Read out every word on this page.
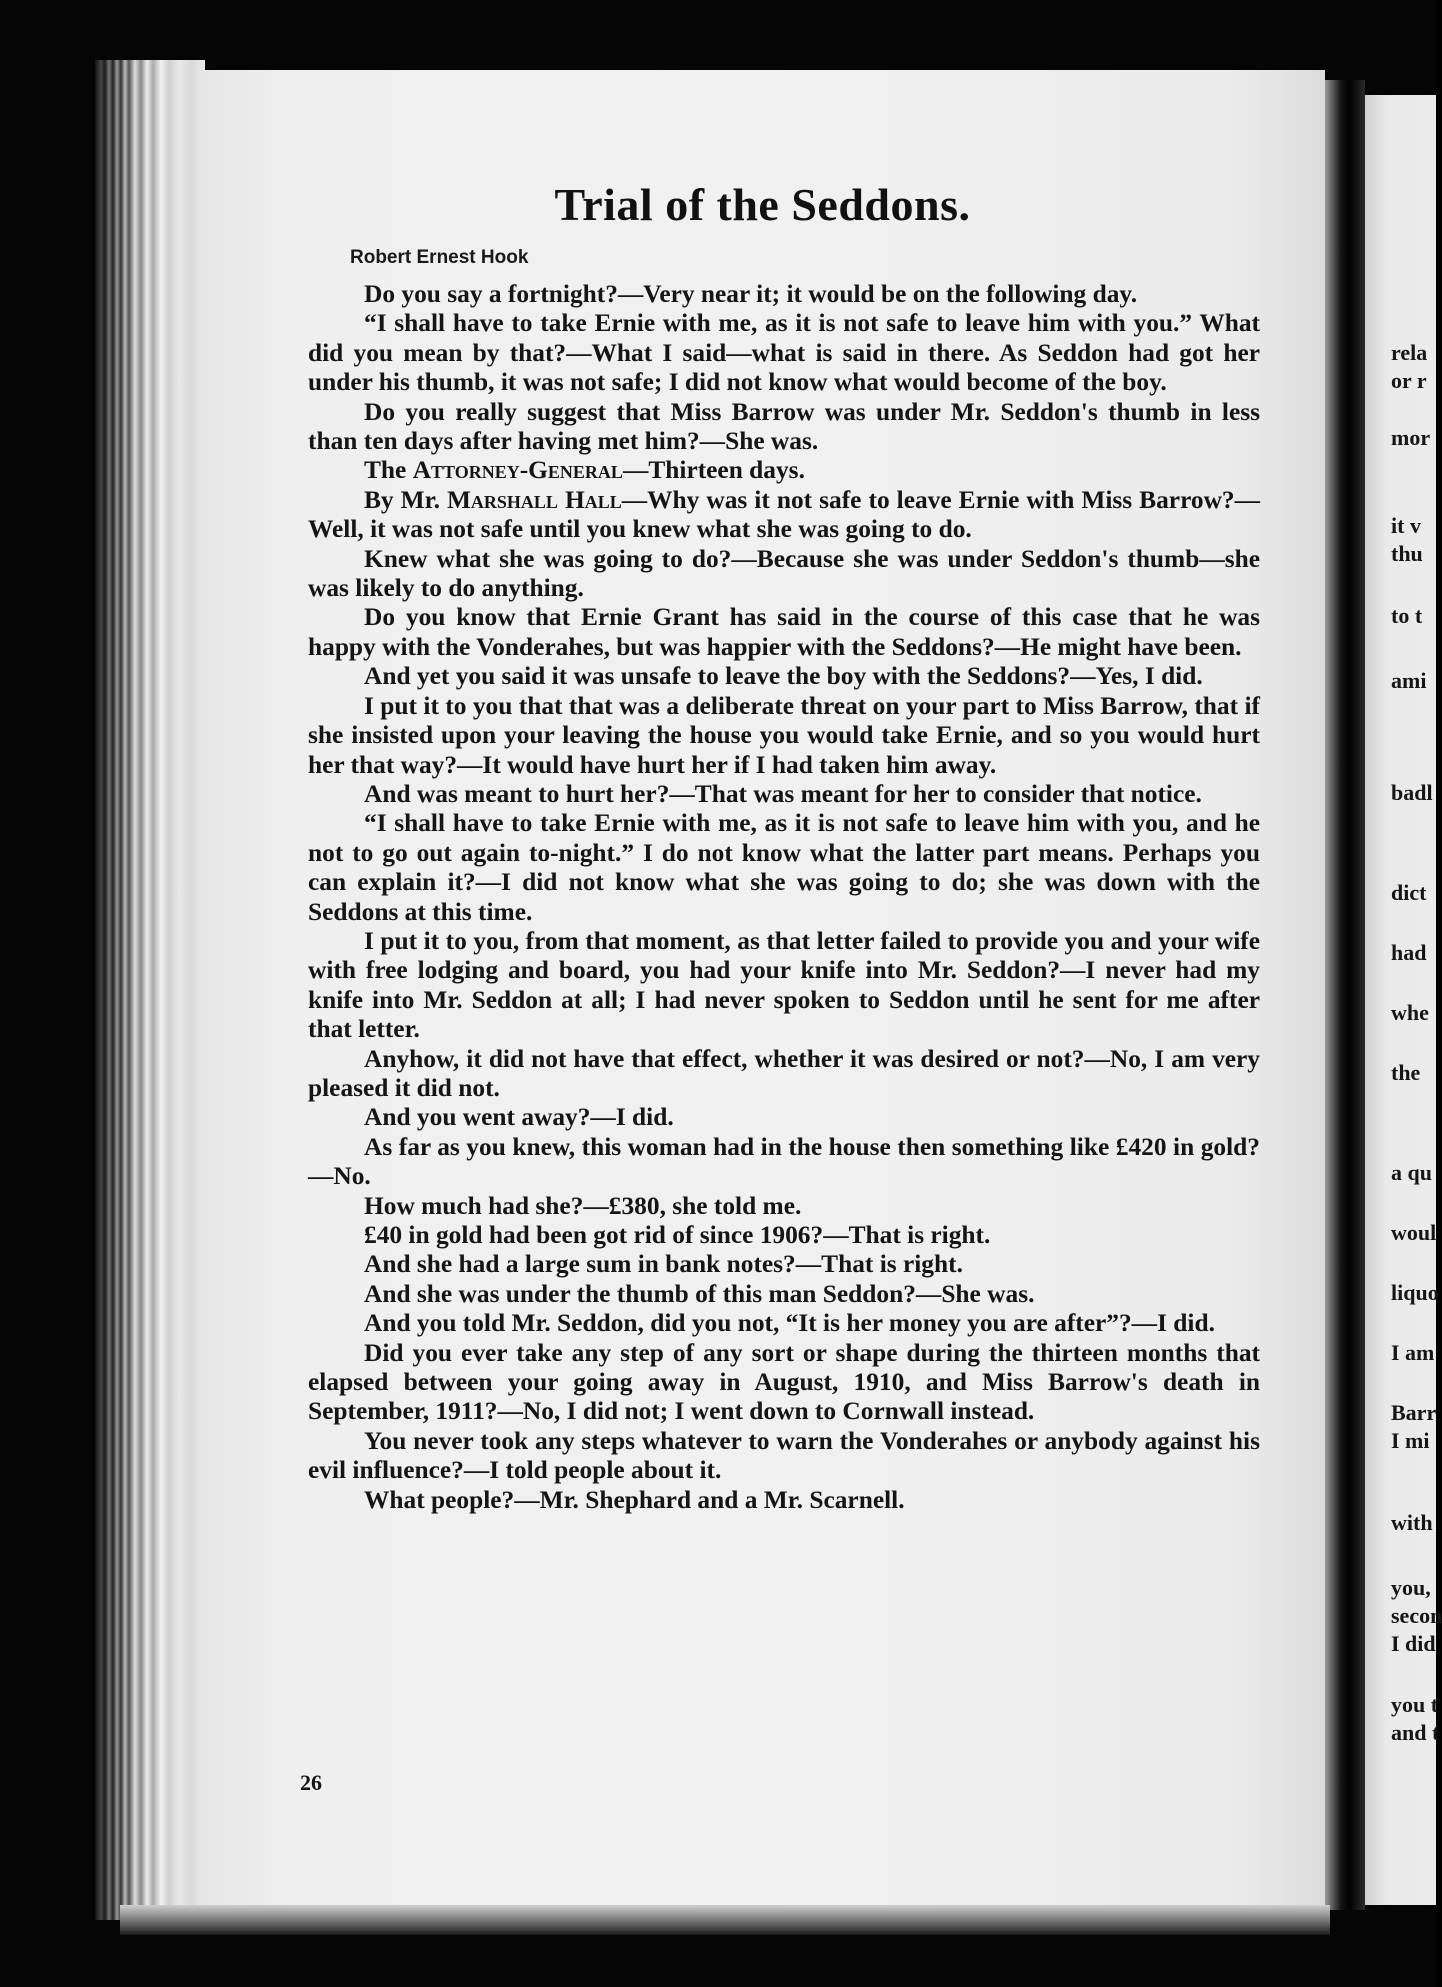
rela
or r
mor
it v
thu
to t
ami
badl
dict
had
whe
the
a qu
woul
liquo
I am
Barr
I mi
with
you,
secon
I did
you t
and t
Trial of the Seddons.
Robert Ernest Hook

Do you say a fortnight?—Very near it; it would be on the following day.

“I shall have to take Ernie with me, as it is not safe to leave him with you.” What did you mean by that?—What I said—what is said in there. As Seddon had got her under his thumb, it was not safe; I did not know what would become of the boy.

Do you really suggest that Miss Barrow was under Mr. Seddon's thumb in less than ten days after having met him?—She was.

The Attorney-General—Thirteen days.

By Mr. Marshall Hall—Why was it not safe to leave Ernie with Miss Barrow?—Well, it was not safe until you knew what she was going to do.

Knew what she was going to do?—Because she was under Seddon's thumb—she was likely to do anything.

Do you know that Ernie Grant has said in the course of this case that he was happy with the Vonderahes, but was happier with the Seddons?—He might have been.

And yet you said it was unsafe to leave the boy with the Seddons?—Yes, I did.

I put it to you that that was a deliberate threat on your part to Miss Barrow, that if she insisted upon your leaving the house you would take Ernie, and so you would hurt her that way?—It would have hurt her if I had taken him away.

And was meant to hurt her?—That was meant for her to consider that notice.

“I shall have to take Ernie with me, as it is not safe to leave him with you, and he not to go out again to-night.” I do not know what the latter part means. Perhaps you can explain it?—I did not know what she was going to do; she was down with the Seddons at this time.

I put it to you, from that moment, as that letter failed to provide you and your wife with free lodging and board, you had your knife into Mr. Seddon?—I never had my knife into Mr. Seddon at all; I had never spoken to Seddon until he sent for me after that letter.

Anyhow, it did not have that effect, whether it was desired or not?—No, I am very pleased it did not.

And you went away?—I did.

As far as you knew, this woman had in the house then something like £420 in gold?—No.

How much had she?—£380, she told me.

£40 in gold had been got rid of since 1906?—That is right.

And she had a large sum in bank notes?—That is right.

And she was under the thumb of this man Seddon?—She was.

And you told Mr. Seddon, did you not, “It is her money you are after”?—I did.

Did you ever take any step of any sort or shape during the thirteen months that elapsed between your going away in August, 1910, and Miss Barrow's death in September, 1911?—No, I did not; I went down to Cornwall instead.

You never took any steps whatever to warn the Vonderahes or anybody against his evil influence?—I told people about it.

What people?—Mr. Shephard and a Mr. Scarnell.

26
